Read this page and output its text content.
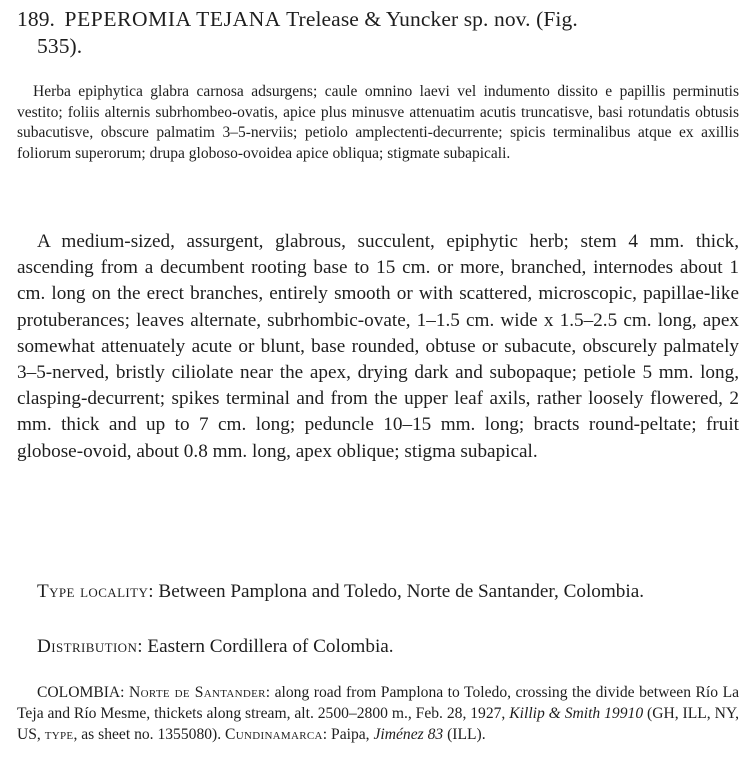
189. PEPEROMIA TEJANA Trelease & Yuncker sp. nov. (Fig.
535).
Herba epiphytica glabra carnosa adsurgens; caule omnino laevi vel indumento dissito e papillis perminutis vestito; foliis alternis subrhombeo-ovatis, apice plus minusve attenuatim acutis truncatisve, basi rotundatis obtusis subacutisve, obscure palmatim 3–5-nerviis; petiolo amplectenti-decurrente; spicis terminalibus atque ex axillis foliorum superorum; drupa globoso-ovoidea apice obliqua; stigmate subapicali.

A medium-sized, assurgent, glabrous, succulent, epiphytic herb; stem 4 mm. thick, ascending from a decumbent rooting base to 15 cm. or more, branched, internodes about 1 cm. long on the erect branches, entirely smooth or with scattered, microscopic, papillae-like protuberances; leaves alternate, subrhombic-ovate, 1–1.5 cm. wide x 1.5–2.5 cm. long, apex somewhat attenuately acute or blunt, base rounded, obtuse or subacute, obscurely palmately 3–5-nerved, bristly ciliolate near the apex, drying dark and subopaque; petiole 5 mm. long, clasping-decurrent; spikes terminal and from the upper leaf axils, rather loosely flowered, 2 mm. thick and up to 7 cm. long; peduncle 10–15 mm. long; bracts round-peltate; fruit globose-ovoid, about 0.8 mm. long, apex oblique; stigma subapical.

Type locality: Between Pamplona and Toledo, Norte de Santander, Colombia.

Distribution: Eastern Cordillera of Colombia.

COLOMBIA: Norte de Santander: along road from Pamplona to Toledo, crossing the divide between Río La Teja and Río Mesme, thickets along stream, alt. 2500–2800 m., Feb. 28, 1927, Killip & Smith 19910 (GH, ILL, NY, US, type, as sheet no. 1355080). Cundinamarca: Paipa, Jiménez 83 (ILL).
